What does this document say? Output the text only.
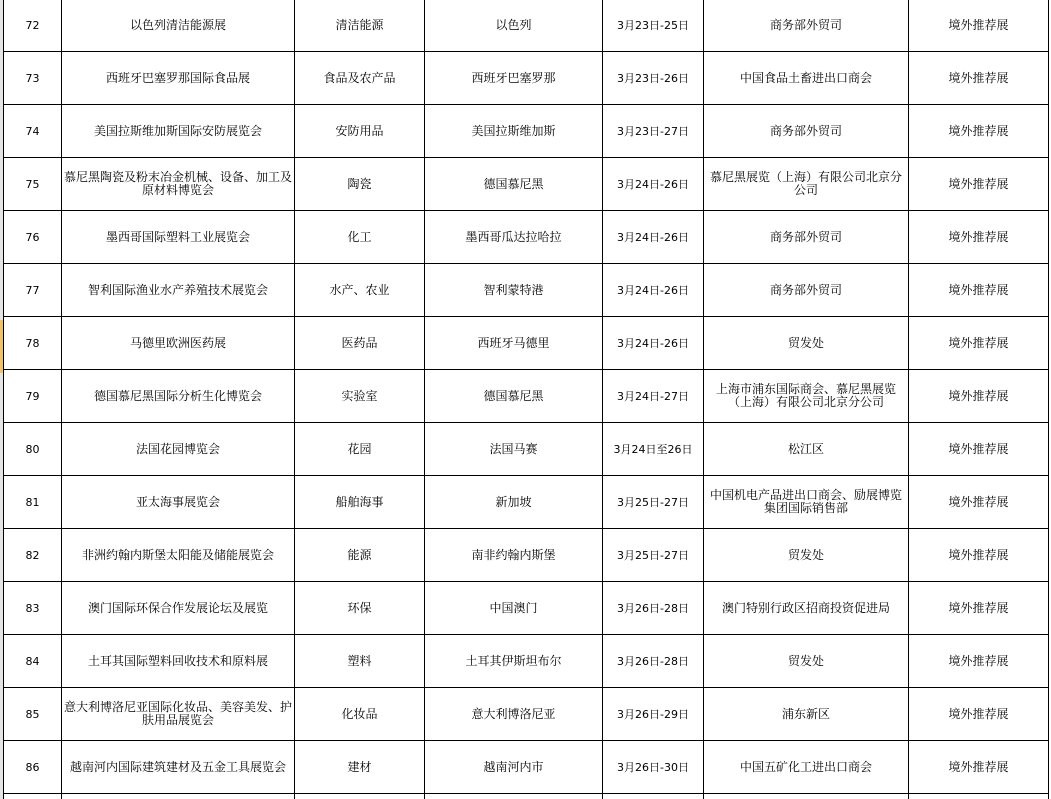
72	以色列清洁能源展	清洁能源	以色列	3月23日-25日	商务部外贸司	境外推荐展
73	西班牙巴塞罗那国际食品展	食品及农产品	西班牙巴塞罗那	3月23日-26日	中国食品土畜进出口商会	境外推荐展
74	美国拉斯维加斯国际安防展览会	安防用品	美国拉斯维加斯	3月23日-27日	商务部外贸司	境外推荐展
75	慕尼黑陶瓷及粉末冶金机械、设备、加工及原材料博览会	陶瓷	德国慕尼黑	3月24日-26日	慕尼黑展览（上海）有限公司北京分公司	境外推荐展
76	墨西哥国际塑料工业展览会	化工	墨西哥瓜达拉哈拉	3月24日-26日	商务部外贸司	境外推荐展
77	智利国际渔业水产养殖技术展览会	水产、农业	智利蒙特港	3月24日-26日	商务部外贸司	境外推荐展
78	马德里欧洲医药展	医药品	西班牙马德里	3月24日-26日	贸发处	境外推荐展
79	德国慕尼黑国际分析生化博览会	实验室	德国慕尼黑	3月24日-27日	上海市浦东国际商会、慕尼黑展览（上海）有限公司北京分公司	境外推荐展
80	法国花园博览会	花园	法国马赛	3月24日至26日	松江区	境外推荐展
81	亚太海事展览会	船舶海事	新加坡	3月25日-27日	中国机电产品进出口商会、励展博览集团国际销售部	境外推荐展
82	非洲约翰内斯堡太阳能及储能展览会	能源	南非约翰内斯堡	3月25日-27日	贸发处	境外推荐展
83	澳门国际环保合作发展论坛及展览	环保	中国澳门	3月26日-28日	澳门特别行政区招商投资促进局	境外推荐展
84	土耳其国际塑料回收技术和原料展	塑料	土耳其伊斯坦布尔	3月26日-28日	贸发处	境外推荐展
85	意大利博洛尼亚国际化妆品、美容美发、护肤用品展览会	化妆品	意大利博洛尼亚	3月26日-29日	浦东新区	境外推荐展
86	越南河内国际建筑建材及五金工具展览会	建材	越南河内市	3月26日-30日	中国五矿化工进出口商会	境外推荐展
